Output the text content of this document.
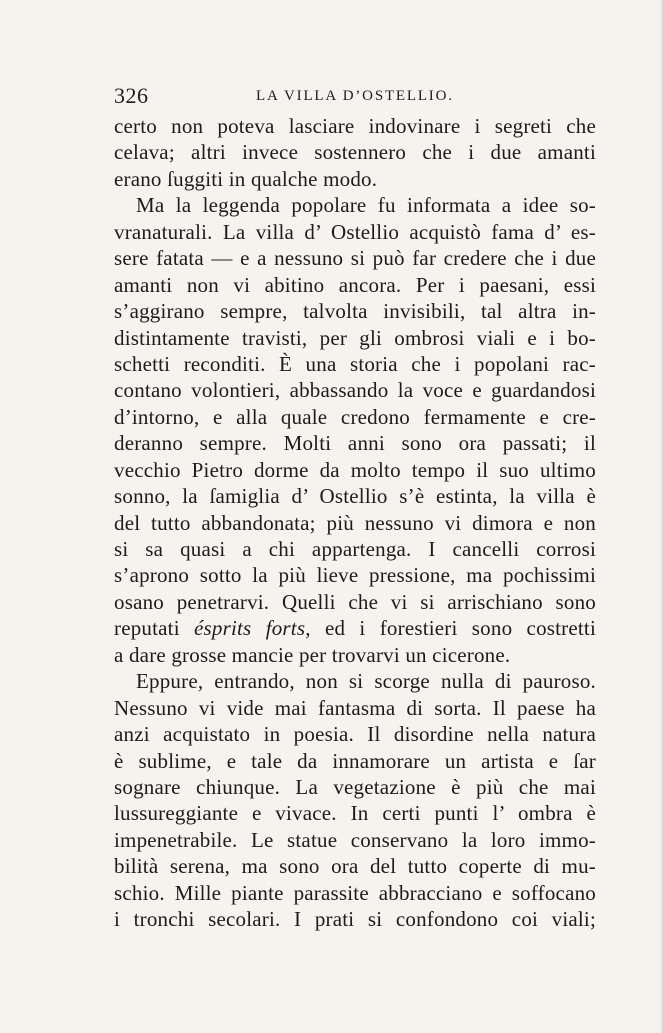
326	LA VILLA D’OSTELLIO.
certo non poteva lasciare indovinare i segreti che
celava; altri invece sostennero che i due amanti
erano ſuggiti in qualche modo.
Ma la leggenda popolare fu informata a idee so-
vranaturali. La villa d’ Ostellio acquistò fama d’ es-
sere fatata — e a nessuno si può far credere che i due
amanti non vi abitino ancora. Per i paesani, essi
s’aggirano sempre, talvolta invisibili, tal altra in-
distintamente travisti, per gli ombrosi viali e i bo-
schetti reconditi. È una storia che i popolani rac-
contano volontieri, abbassando la voce e guardandosi
d’intorno, e alla quale credono fermamente e cre-
deranno sempre. Molti anni sono ora passati; il
vecchio Pietro dorme da molto tempo il suo ultimo
sonno, la ſamiglia d’ Ostellio s’è estinta, la villa è
del tutto abbandonata; più nessuno vi dimora e non
si sa quasi a chi appartenga. I cancelli corrosi
s’aprono sotto la più lieve pressione, ma pochissimi
osano penetrarvi. Quelli che vi si arrischiano sono
reputati ésprits forts, ed i forestieri sono costretti
a dare grosse mancie per trovarvi un cicerone.
Eppure, entrando, non si scorge nulla di pauroso.
Nessuno vi vide mai fantasma di sorta. Il paese ha
anzi acquistato in poesia. Il disordine nella natura
è sublime, e tale da innamorare un artista e ſar
sognare chiunque. La vegetazione è più che mai
lussureggiante e vivace. In certi punti l’ ombra è
impenetrabile. Le statue conservano la loro immo-
bilità serena, ma sono ora del tutto coperte di mu-
schio. Mille piante parassite abbracciano e soffocano
i tronchi secolari. I prati si confondono coi viali;
